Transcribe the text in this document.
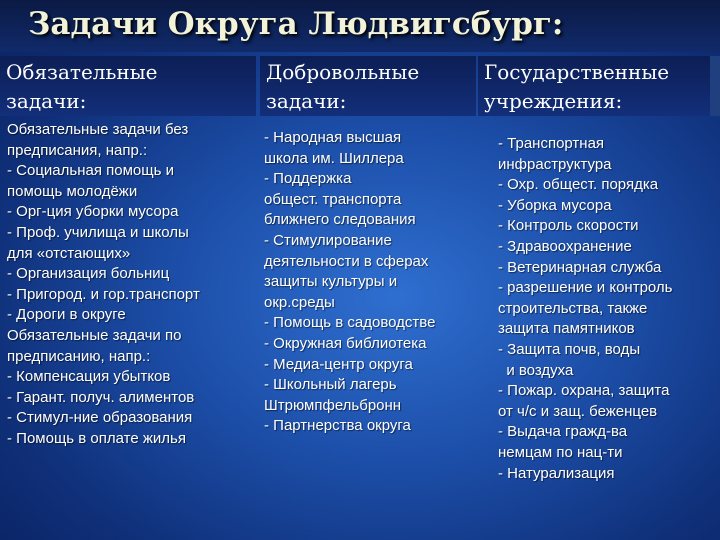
Задачи Округа Людвигсбург:
Обязательные
задачи:
Добровольные
задачи:
Государственные
учреждения:
Обязательные задачи без
предписания, напр.:
- Социальная помощь и
помощь молодёжи
- Орг-ция уборки мусора
- Проф. училища и школы
для «отстающих»
- Организация больниц
- Пригород. и гор.транспорт
- Дороги в округе
Обязательные задачи по
предписанию, напр.:
- Компенсация убытков
- Гарант. получ. алиментов
- Стимул-ние образования
- Помощь в оплате жилья
- Народная высшая
школа им. Шиллера
- Поддержка
общест. транспорта
ближнего следования
- Стимулирование
деятельности в сферах
защиты культуры и
окр.среды
- Помощь в садоводстве
- Окружная библиотека
- Медиа-центр округа
- Школьный лагерь
Штрюмпфельбронн
- Партнерства округа
- Транспортная
инфраструктура
- Охр. общест. порядка
- Уборка мусора
- Контроль скорости
- Здравоохранение
- Ветеринарная служба
- разрешение и контроль
строительства, также
защита памятников
- Защита почв, воды
и воздуха
- Пожар. охрана, защита
от ч/с и защ. беженцев
- Выдача гражд-ва
немцам по нац-ти
- Натурализация
